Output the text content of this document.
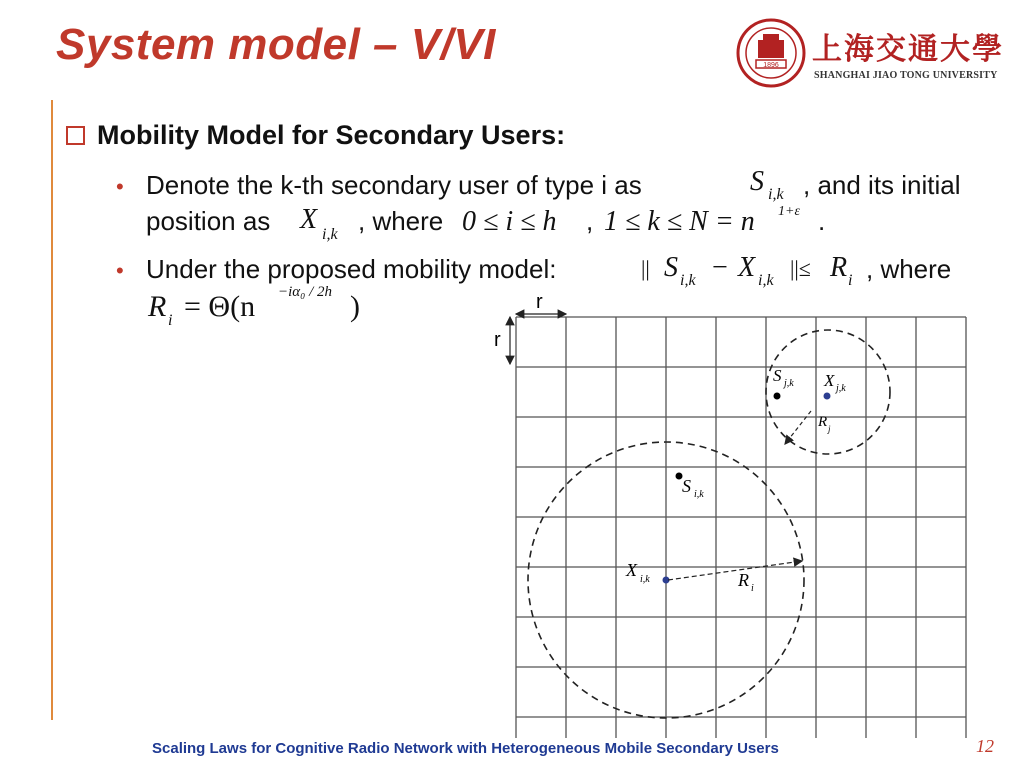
System model – V/VI	1896 上海交通大學
SHANGHAI JIAO TONG UNIVERSITY
Mobility Model for Secondary Users:
• Denote the k-th secondary user of type i as	S i,k , and its initial
position as X i,k , where 0 ≤ i ≤ h , 1 ≤ k ≤ N = n 1+ε .
• Under the proposed mobility model:	|| S i,k − X i,k ||≤ R i , where
R i = Θ(n −iα₀ / 2h )	r
r
S j,k X j,k
R j
S i,k
X i,k	R i
Scaling Laws for Cognitive Radio Network with Heterogeneous Mobile Secondary Users	12
